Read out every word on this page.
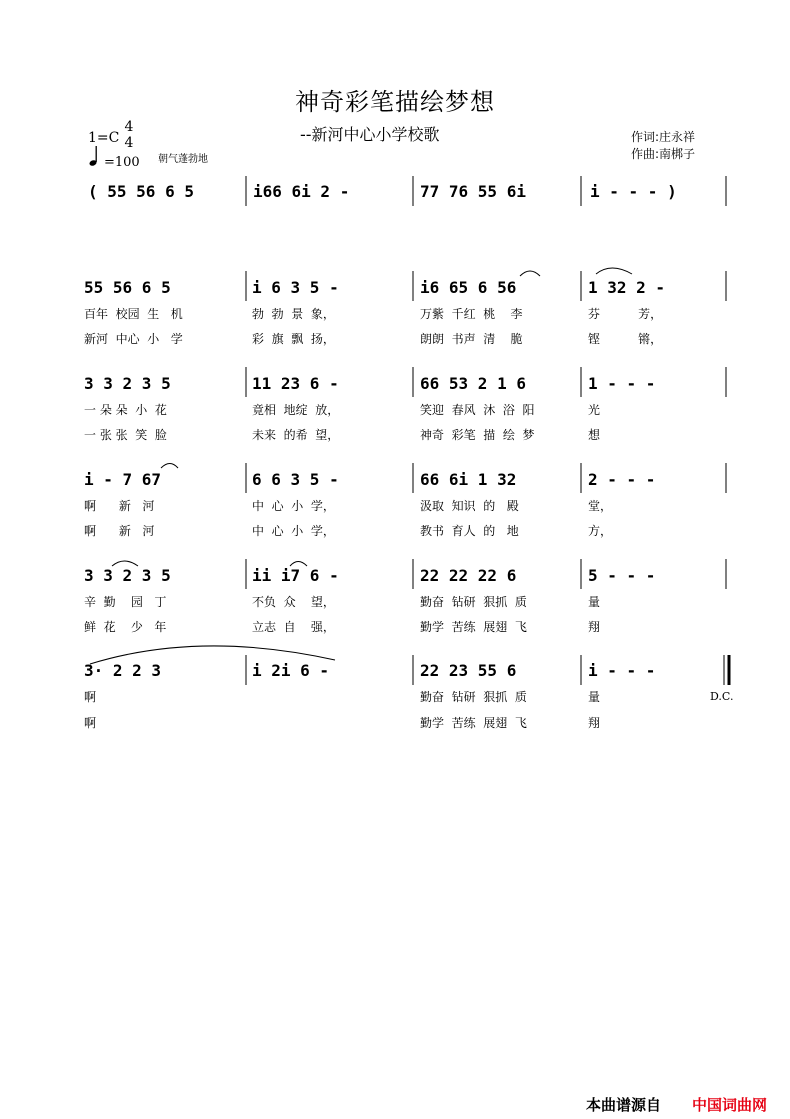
神奇彩笔描绘梦想
--新河中心小学校歌
1=C
4
4
=100 朝气蓬勃地
作词:庄永祥
作曲:南梆子
( 55 56 6 5	i66 6i 2 -	77 76 55 6i	i - - - )
55 56 6 5	i 6 3 5 -	i6 65 6 56	1 32 2 -
百年  校园  生   机	勃  勃  景  象，	万紫  千红  桃    李	芬          芳，
新河  中心  小   学	彩  旗  飘  扬，	朗朗  书声  清    脆	铿          锵，
3 3 2 3 5	11 23 6 -	66 53 2 1 6	1 - - -
一 朵 朵  小  花	竟相  地绽  放，	笑迎  春风  沐  浴  阳	光
一 张 张  笑  脸	未来  的希  望，	神奇  彩笔  描  绘  梦	想
i - 7 67	6 6 3 5 -	66 6i 1 32	2 - - -
啊      新   河	中  心  小  学，	汲取  知识  的   殿	堂，
啊      新   河	中  心  小  学，	教书  育人  的   地	方，
3 3 2 3 5	ii i7 6 -	22 22 22 6	5 - - -
辛  勤    园   丁	不负  众    望，	勤奋  钻研  狠抓  质	量
鲜  花    少   年	立志  自    强，	勤学  苦练  展翅  飞	翔
3· 2 2 3	i 2i 6 -	22 23 55 6	i - - -
啊	勤奋  钻研  狠抓  质	量
啊	勤学  苦练  展翅  飞	翔
D.C.
本曲谱源自 中国词曲网
